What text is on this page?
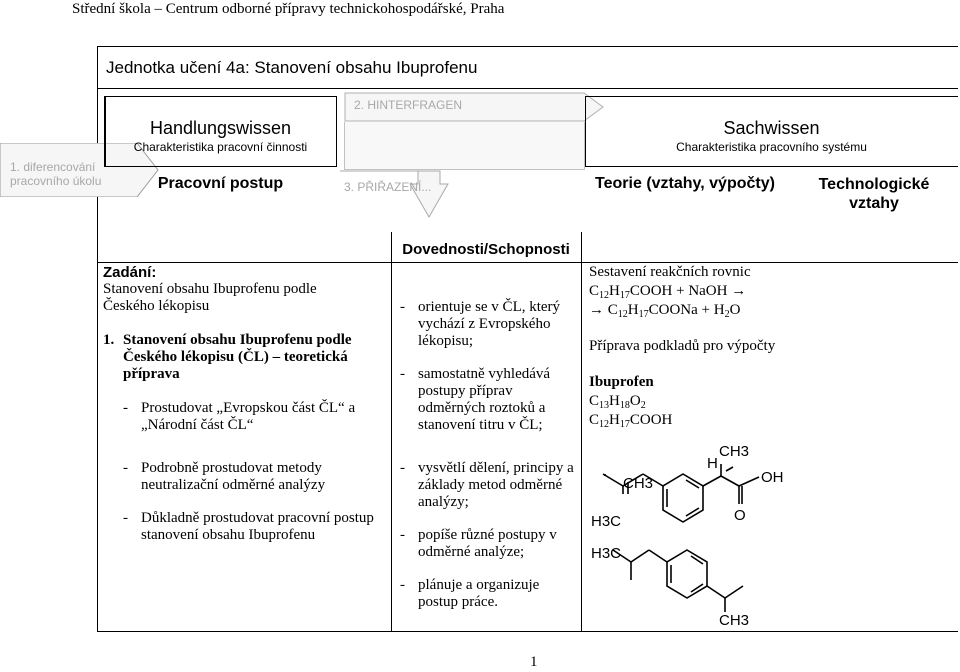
Střední škola – Centrum odborné přípravy technickohospodářské, Praha
Jednotka učení 4a: Stanovení obsahu Ibuprofenu
1. diferencování pracovního úkolu
Handlungswissen
Charakteristika pracovní činnosti
2. HINTERFRAGEN
3. PŘIŘAZENÍ...
Sachwissen
Charakteristika pracovního systému
Pracovní postup	Teorie (vztahy, výpočty)	Technologické vztahy
Dovednosti/Schopnosti
Zadání:
Stanovení obsahu Ibuprofenu podle Českého lékopisu
1. Stanovení obsahu Ibuprofenu podle Českého lékopisu (ČL) – teoretická příprava
- Prostudovat „Evropskou část ČL“ a „Národní část ČL“
- Podrobně prostudovat metody neutralizační odměrné analýzy
- Důkladně prostudovat pracovní postup stanovení obsahu Ibuprofenu
- orientuje se v ČL, který vychází z Evropského lékopisu;
- samostatně vyhledává postupy příprav odměrných roztoků a stanovení titru v ČL;
- vysvětlí dělení, principy a základy metod odměrné analýzy;
- popíše různé postupy v odměrné analýze;
- plánuje a organizuje postup práce.
Sestavení reakčních rovnic
$C_{12}H_{17}COOH$ + NaOH →
→ $C_{12}H_{17}COONa + H_2O$
Příprava podkladů pro výpočty
Ibuprofen
$C_{13}H_{18}O_2$
$C_{12}H_{17}COOH$
CH3
H
OH
O
CH3
H3C
H3C
CH3
1
